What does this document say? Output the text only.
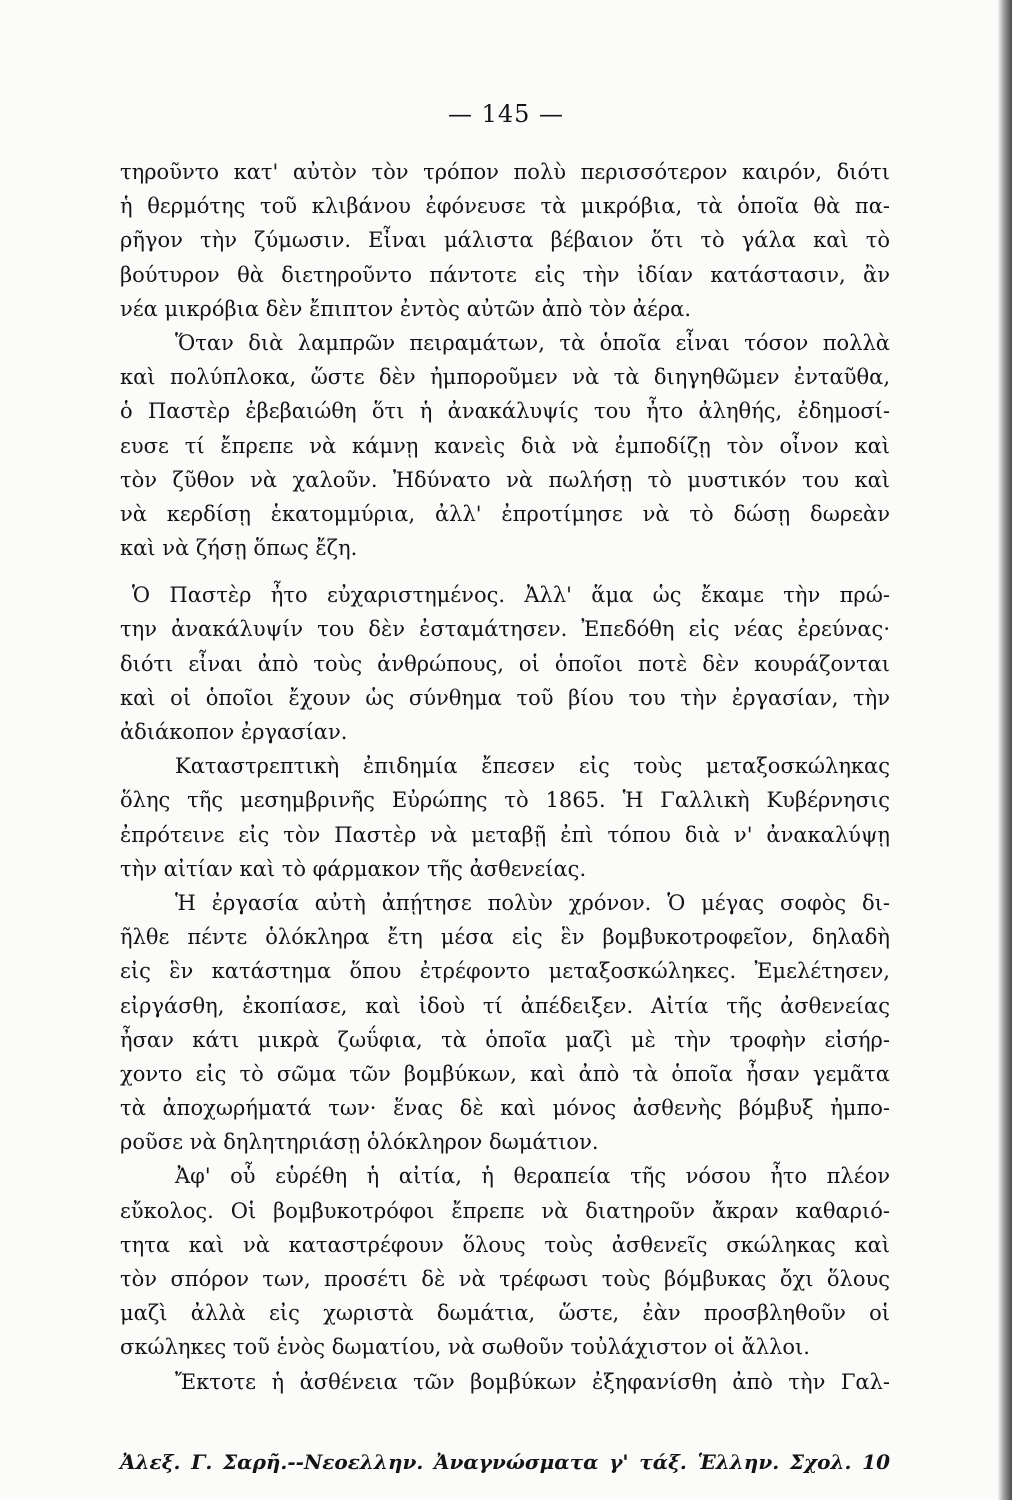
— 145 —
τηροῦντο κατ' αὐτὸν τὸν τρόπον πολὺ περισσότερον καιρόν, διότι
ἡ θερμότης τοῦ κλιβάνου ἐφόνευσε τὰ μικρόβια, τὰ ὁποῖα θὰ πα-
ρῆγον τὴν ζύμωσιν. Εἶναι μάλιστα βέβαιον ὅτι τὸ γάλα καὶ τὸ
βούτυρον θὰ διετηροῦντο πάντοτε εἰς τὴν ἰδίαν κατάστασιν, ἂν
νέα μικρόβια δὲν ἔπιπτον ἐντὸς αὐτῶν ἀπὸ τὸν ἀέρα.
Ὅταν διὰ λαμπρῶν πειραμάτων, τὰ ὁποῖα εἶναι τόσον πολλὰ
καὶ πολύπλοκα, ὥστε δὲν ἠμποροῦμεν νὰ τὰ διηγηθῶμεν ἐνταῦθα,
ὁ Παστὲρ ἐβεβαιώθη ὅτι ἡ ἀνακάλυψίς του ἦτο ἀληθής, ἐδημοσί-
ευσε τί ἔπρεπε νὰ κάμνῃ κανεὶς διὰ νὰ ἐμποδίζῃ τὸν οἶνον καὶ
τὸν ζῦθον νὰ χαλοῦν. Ἠδύνατο νὰ πωλήσῃ τὸ μυστικόν του καὶ
νὰ κερδίσῃ ἑκατομμύρια, ἀλλ' ἐπροτίμησε νὰ τὸ δώσῃ δωρεὰν
καὶ νὰ ζήσῃ ὅπως ἔζη.
Ὁ Παστὲρ ἦτο εὐχαριστημένος. Ἀλλ' ἅμα ὡς ἔκαμε τὴν πρώ-
την ἀνακάλυψίν του δὲν ἐσταμάτησεν. Ἐπεδόθη εἰς νέας ἐρεύνας·
διότι εἶναι ἀπὸ τοὺς ἀνθρώπους, οἱ ὁποῖοι ποτὲ δὲν κουράζονται
καὶ οἱ ὁποῖοι ἔχουν ὡς σύνθημα τοῦ βίου του τὴν ἐργασίαν, τὴν
ἀδιάκοπον ἐργασίαν.
Καταστρεπτικὴ ἐπιδημία ἔπεσεν εἰς τοὺς μεταξοσκώληκας
ὅλης τῆς μεσημβρινῆς Εὐρώπης τὸ 1865. Ἡ Γαλλικὴ Κυβέρνησις
ἐπρότεινε εἰς τὸν Παστὲρ νὰ μεταβῇ ἐπὶ τόπου διὰ ν' ἀνακαλύψῃ
τὴν αἰτίαν καὶ τὸ φάρμακον τῆς ἀσθενείας.
Ἡ ἐργασία αὐτὴ ἀπῄτησε πολὺν χρόνον. Ὁ μέγας σοφὸς δι-
ῆλθε πέντε ὁλόκληρα ἔτη μέσα εἰς ἓν βομβυκοτροφεῖον, δηλαδὴ
εἰς ἓν κατάστημα ὅπου ἐτρέφοντο μεταξοσκώληκες. Ἐμελέτησεν,
εἰργάσθη, ἐκοπίασε, καὶ ἰδοὺ τί ἀπέδειξεν. Αἰτία τῆς ἀσθενείας
ἦσαν κάτι μικρὰ ζωΰφια, τὰ ὁποῖα μαζὶ μὲ τὴν τροφὴν εἰσήρ-
χοντο εἰς τὸ σῶμα τῶν βομβύκων, καὶ ἀπὸ τὰ ὁποῖα ἦσαν γεμᾶτα
τὰ ἀποχωρήματά των· ἕνας δὲ καὶ μόνος ἀσθενὴς βόμβυξ ἠμπο-
ροῦσε νὰ δηλητηριάσῃ ὁλόκληρον δωμάτιον.
Ἀφ' οὗ εὑρέθη ἡ αἰτία, ἡ θεραπεία τῆς νόσου ἦτο πλέον
εὔκολος. Οἱ βομβυκοτρόφοι ἔπρεπε νὰ διατηροῦν ἄκραν καθαριό-
τητα καὶ νὰ καταστρέφουν ὅλους τοὺς ἀσθενεῖς σκώληκας καὶ
τὸν σπόρον των, προσέτι δὲ νὰ τρέφωσι τοὺς βόμβυκας ὄχι ὅλους
μαζὶ ἀλλὰ εἰς χωριστὰ δωμάτια, ὥστε, ἐὰν προσβληθοῦν οἱ
σκώληκες τοῦ ἑνὸς δωματίου, νὰ σωθοῦν τοὐλάχιστον οἱ ἄλλοι.
Ἔκτοτε ἡ ἀσθένεια τῶν βομβύκων ἐξηφανίσθη ἀπὸ τὴν Γαλ-
Ἀλεξ. Γ. Σαρῆ.--Νεοελλην. Ἀναγνώσματα γ' τάξ. Ἑλλην. Σχολ. 10
